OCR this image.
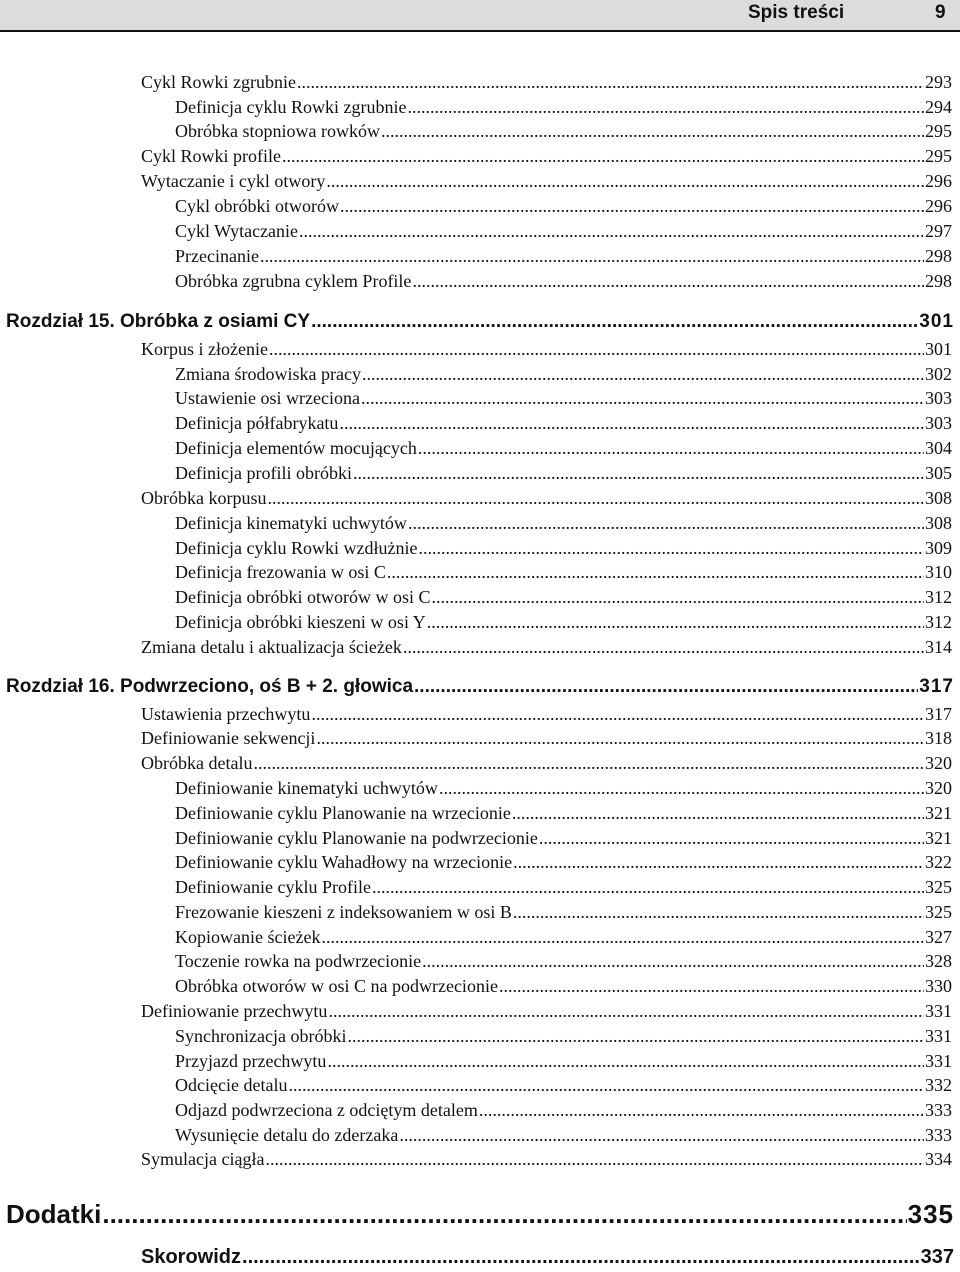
Spis treści	9
Cykl Rowki zgrubnie .....	293
Definicja cyklu Rowki zgrubnie .....	294
Obróbka stopniowa rowków .....	295
Cykl Rowki profile .....	295
Wytaczanie i cykl otwory .....	296
Cykl obróbki otworów .....	296
Cykl Wytaczanie .....	297
Przecinanie .....	298
Obróbka zgrubna cyklem Profile .....	298
Rozdział 15. Obróbka z osiami CY .....	301
Korpus i złożenie .....	301
Zmiana środowiska pracy .....	302
Ustawienie osi wrzeciona .....	303
Definicja półfabrykatu .....	303
Definicja elementów mocujących .....	304
Definicja profili obróbki .....	305
Obróbka korpusu .....	308
Definicja kinematyki uchwytów .....	308
Definicja cyklu Rowki wzdłużnie .....	309
Definicja frezowania w osi C .....	310
Definicja obróbki otworów w osi C .....	312
Definicja obróbki kieszeni w osi Y .....	312
Zmiana detalu i aktualizacja ścieżek .....	314
Rozdział 16. Podwrzeciono, oś B + 2. głowica .....	317
Ustawienia przechwytu .....	317
Definiowanie sekwencji .....	318
Obróbka detalu .....	320
Definiowanie kinematyki uchwytów .....	320
Definiowanie cyklu Planowanie na wrzecionie .....	321
Definiowanie cyklu Planowanie na podwrzecionie .....	321
Definiowanie cyklu Wahadłowy na wrzecionie .....	322
Definiowanie cyklu Profile .....	325
Frezowanie kieszeni z indeksowaniem w osi B .....	325
Kopiowanie ścieżek .....	327
Toczenie rowka na podwrzecionie .....	328
Obróbka otworów w osi C na podwrzecionie .....	330
Definiowanie przechwytu .....	331
Synchronizacja obróbki .....	331
Przyjazd przechwytu .....	331
Odcięcie detalu .....	332
Odjazd podwrzeciona z odciętym detalem .....	333
Wysunięcie detalu do zderzaka .....	333
Symulacja ciągła .....	334
Dodatki .....	335
Skorowidz .....	337
